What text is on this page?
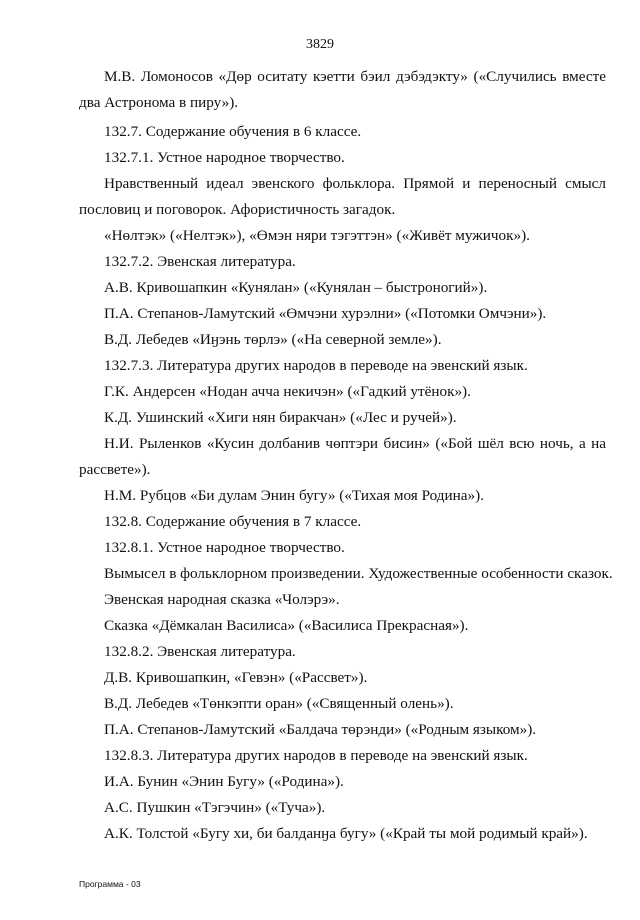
3829
М.В. Ломоносов «Дөр оситату кэетти бэил дэбэдэкту» («Случились вместе два Астронома в пиру»).
132.7. Содержание обучения в 6 классе.
132.7.1. Устное народное творчество.
Нравственный идеал эвенского фольклора. Прямой и переносный смысл пословиц и поговорок. Афористичность загадок.
«Нөлтэк» («Нелтэк»), «Өмэн няри тэгэттэн» («Живёт мужичок»).
132.7.2. Эвенская литература.
А.В. Кривошапкин «Кунялан» («Кунялан – быстроногий»).
П.А. Степанов-Ламутский «Өмчэни хурэлни» («Потомки Омчэни»).
В.Д. Лебедев «Иӈэнь төрлэ» («На северной земле»).
132.7.3. Литература других народов в переводе на эвенский язык.
Г.К. Андерсен «Нодан ачча некичэн» («Гадкий утёнок»).
К.Д. Ушинский «Хиги нян биракчан» («Лес и ручей»).
Н.И. Рыленков «Кусин долбанив чөптэри бисин» («Бой шёл всю ночь, а на рассвете»).
Н.М. Рубцов «Би дулам Энин бугу» («Тихая моя Родина»).
132.8. Содержание обучения в 7 классе.
132.8.1. Устное народное творчество.
Вымысел в фольклорном произведении. Художественные особенности сказок.
Эвенская народная сказка «Чолэрэ».
Сказка «Дёмкалан Василиса» («Василиса Прекрасная»).
132.8.2. Эвенская литература.
Д.В. Кривошапкин, «Гевэн» («Рассвет»).
В.Д. Лебедев «Төнкэпти оран» («Священный олень»).
П.А. Степанов-Ламутский «Балдача төрэнди» («Родным языком»).
132.8.3. Литература других народов в переводе на эвенский язык.
И.А. Бунин «Энин Бугу» («Родина»).
А.С. Пушкин «Тэгэчин» («Туча»).
А.К. Толстой «Бугу хи, би балданӈа бугу» («Край ты мой родимый край»).
Программа - 03
